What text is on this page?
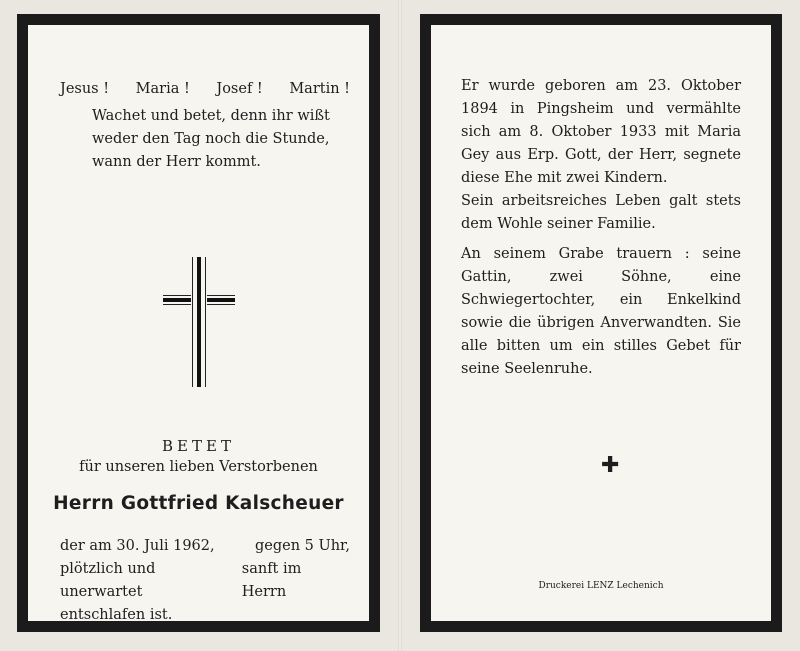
Jesus ! Maria ! Josef ! Martin !
Wachet und betet, denn ihr wißt
weder den Tag noch die Stunde,
wann der Herr kommt.
BETET
für unseren lieben Verstorbenen
Herrn Gottfried Kalscheuer
der am 30. Juli 1962,	gegen 5 Uhr,
plötzlich und unerwartet
sanft im Herrn
entschlafen ist.
Er wurde geboren am 23. Oktober 1894 in Pingsheim und vermählte sich am 8. Oktober 1933 mit Maria Gey aus Erp. Gott, der Herr, segnete diese Ehe mit zwei Kindern.
Sein arbeitsreiches Leben galt stets dem Wohle seiner Familie.
An seinem Grabe trauern : seine Gattin, zwei Söhne, eine Schwiegertochter, ein Enkelkind sowie die übrigen Anverwandten. Sie alle bitten um ein stilles Gebet für seine Seelenruhe.
✚
Druckerei LENZ Lechenich
